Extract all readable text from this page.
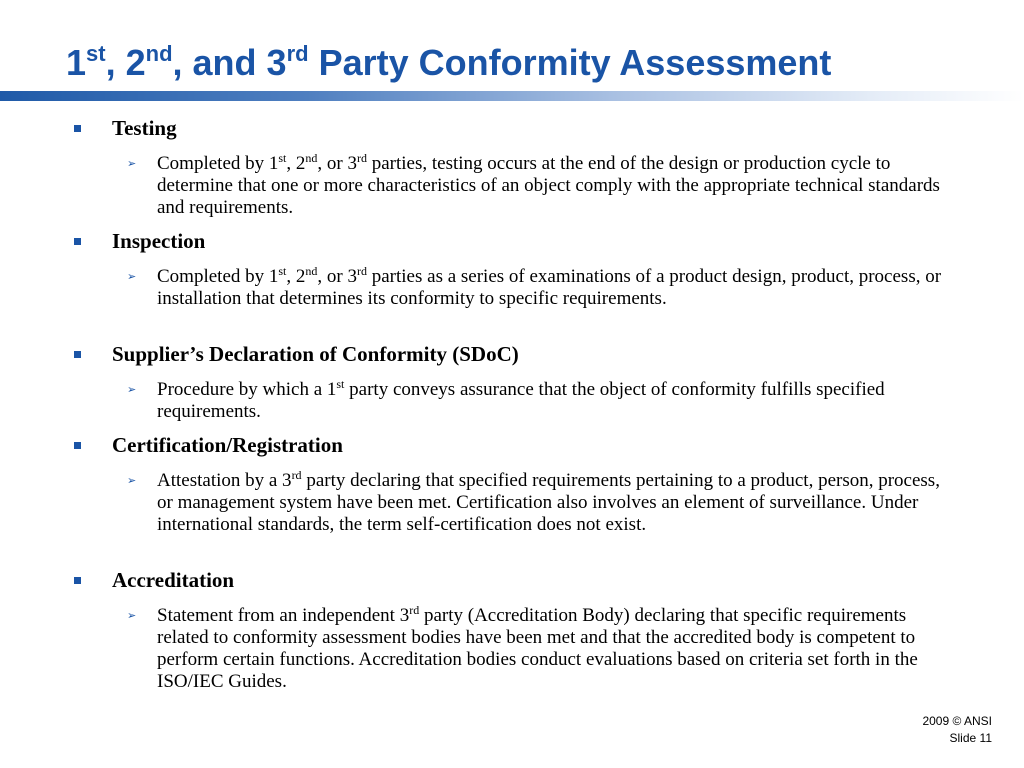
1st, 2nd, and 3rd Party Conformity Assessment
Testing
➢ Completed by 1st, 2nd, or 3rd parties, testing occurs at the end of the design or production cycle to determine that one or more characteristics of an object comply with the appropriate technical standards and requirements.
Inspection
➢ Completed by 1st, 2nd, or 3rd parties as a series of examinations of a product design, product, process, or installation that determines its conformity to specific requirements.
Supplier’s Declaration of Conformity (SDoC)
➢ Procedure by which a 1st party conveys assurance that the object of conformity fulfills specified requirements.
Certification/Registration
➢ Attestation by a 3rd party declaring that specified requirements pertaining to a product, person, process, or management system have been met. Certification also involves an element of surveillance. Under international standards, the term self-certification does not exist.
Accreditation
➢ Statement from an independent 3rd party (Accreditation Body) declaring that specific requirements related to conformity assessment bodies have been met and that the accredited body is competent to perform certain functions. Accreditation bodies conduct evaluations based on criteria set forth in the ISO/IEC Guides.
2009 © ANSI
Slide 11
